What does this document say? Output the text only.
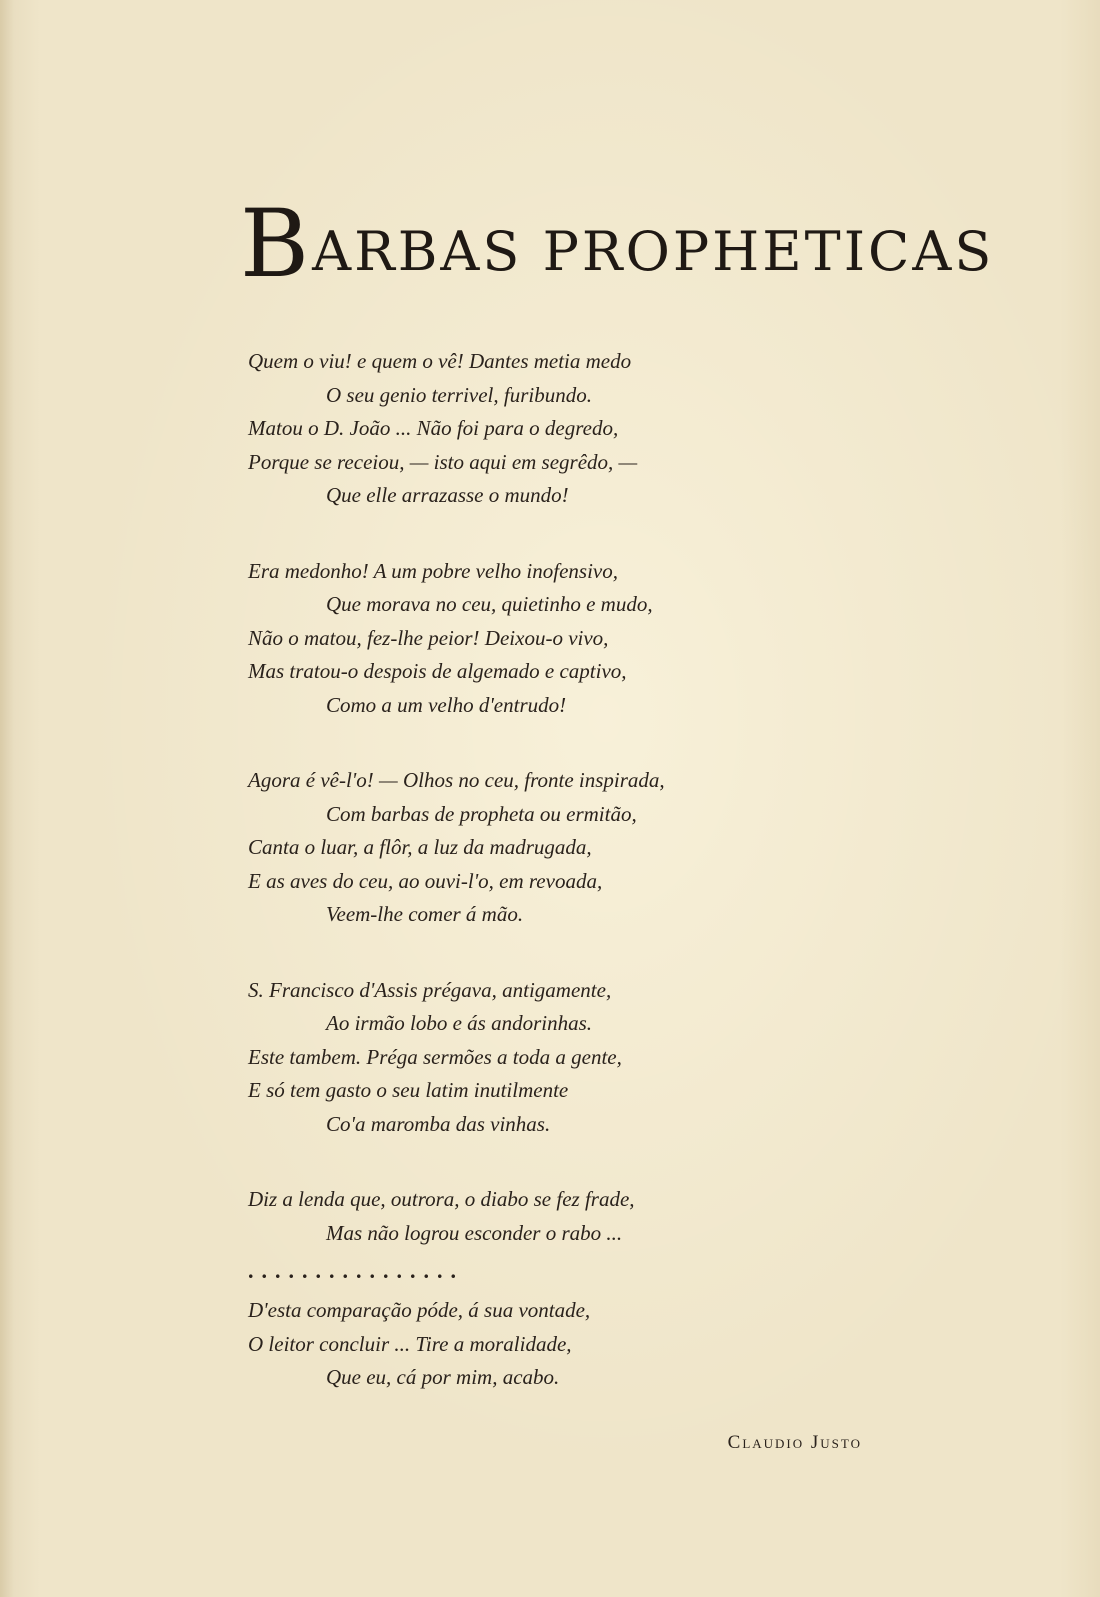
BARBAS PROPHETICAS
Quem o viu! e quem o vê! Dantes metia medo
O seu genio terrivel, furibundo.
Matou o D. João ... Não foi para o degredo,
Porque se receiou, — isto aqui em segrêdo, —
Que elle arrazasse o mundo!
Era medonho! A um pobre velho inofensivo,
Que morava no ceu, quietinho e mudo,
Não o matou, fez-lhe peior! Deixou-o vivo,
Mas tratou-o despois de algemado e captivo,
Como a um velho d'entrudo!
Agora é vê-l'o! — Olhos no ceu, fronte inspirada,
Com barbas de propheta ou ermitão,
Canta o luar, a flôr, a luz da madrugada,
E as aves do ceu, ao ouvi-l'o, em revoada,
Veem-lhe comer á mão.
S. Francisco d'Assis prégava, antigamente,
Ao irmão lobo e ás andorinhas.
Este tambem. Préga sermões a toda a gente,
E só tem gasto o seu latim inutilmente
Co'a maromba das vinhas.
Diz a lenda que, outrora, o diabo se fez frade,
Mas não logrou esconder o rabo ...
................
D'esta comparação póde, á sua vontade,
O leitor concluir ... Tire a moralidade,
Que eu, cá por mim, acabo.

Claudio Justo
